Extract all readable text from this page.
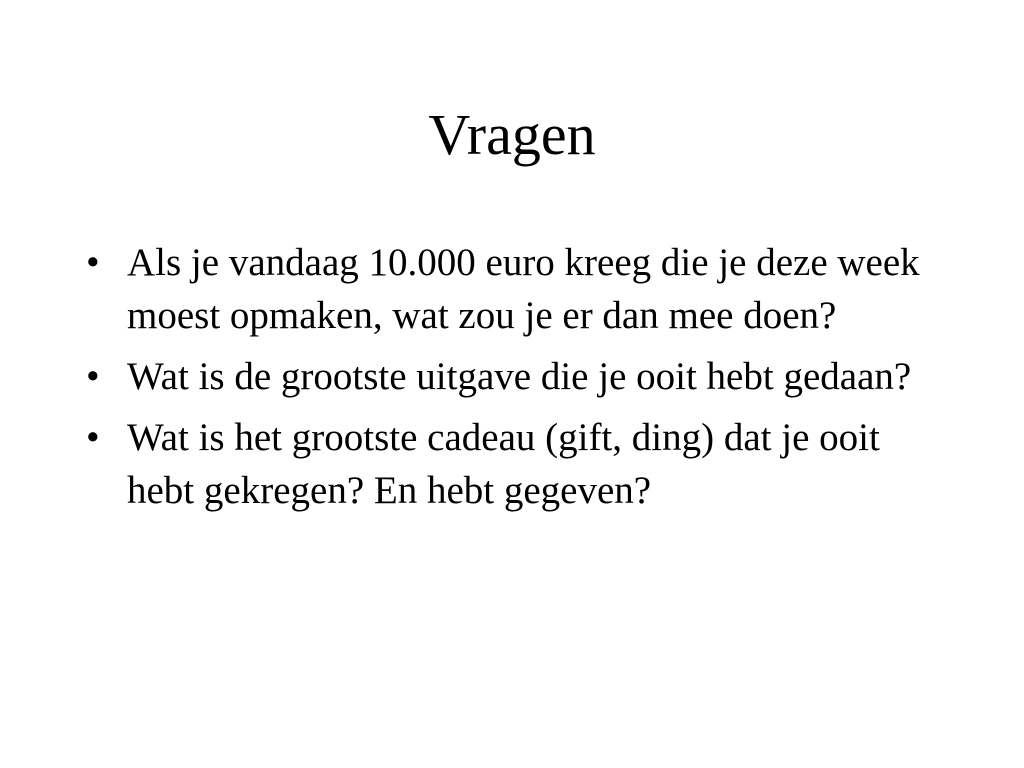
Vragen
• Als je vandaag 10.000 euro kreeg die je deze week moest opmaken, wat zou je er dan mee doen?
• Wat is de grootste uitgave die je ooit hebt gedaan?
• Wat is het grootste cadeau (gift, ding) dat je ooit hebt gekregen? En hebt gegeven?
